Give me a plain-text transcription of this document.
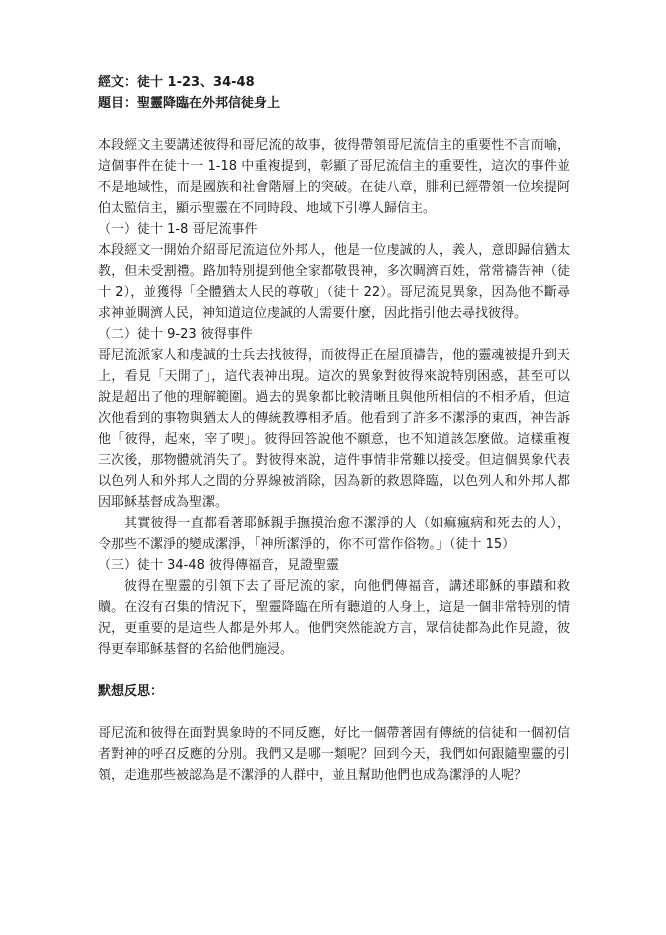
經文：徒十 1-23、34-48

題目：聖靈降臨在外邦信徒身上

本段經文主要講述彼得和哥尼流的故事，彼得帶領哥尼流信主的重要性不言而喻，這個事件在徒十一 1-18 中重複提到，彰顯了哥尼流信主的重要性，這次的事件並不是地域性，而是國族和社會階層上的突破。在徒八章，腓利已經帶領一位埃提阿伯太監信主，顯示聖靈在不同時段、地域下引導人歸信主。

（一）徒十 1-8 哥尼流事件

本段經文一開始介紹哥尼流這位外邦人，他是一位虔誠的人，義人，意即歸信猶太教，但未受割禮。路加特別提到他全家都敬畏神，多次賙濟百姓，常常禱告神（徒十 2），並獲得「全體猶太人民的尊敬」（徒十 22）。哥尼流見異象，因為他不斷尋求神並賙濟人民，神知道這位虔誠的人需要什麼，因此指引他去尋找彼得。

（二）徒十 9-23 彼得事件

哥尼流派家人和虔誠的士兵去找彼得，而彼得正在屋頂禱告，他的靈魂被提升到天上，看見「天開了」，這代表神出現。這次的異象對彼得來說特別困惑，甚至可以說是超出了他的理解範圍。過去的異象都比較清晰且與他所相信的不相矛盾，但這次他看到的事物與猶太人的傳統教導相矛盾。他看到了許多不潔淨的東西，神告訴他「彼得，起來，宰了喫」。彼得回答說他不願意，也不知道該怎麼做。這樣重複三次後，那物體就消失了。對彼得來說，這件事情非常難以接受。但這個異象代表以色列人和外邦人之間的分界線被消除，因為新的救恩降臨，以色列人和外邦人都因耶穌基督成為聖潔。

其實彼得一直都看著耶穌親手撫摸治愈不潔淨的人（如痲瘋病和死去的人），令那些不潔淨的變成潔淨，「神所潔淨的，你不可當作俗物。」（徒十 15）

（三）徒十 34-48 彼得傳福音，見證聖靈

彼得在聖靈的引領下去了哥尼流的家，向他們傳福音，講述耶穌的事蹟和救贖。在沒有召集的情況下，聖靈降臨在所有聽道的人身上，這是一個非常特別的情況，更重要的是這些人都是外邦人。他們突然能說方言，眾信徒都為此作見證，彼得更奉耶穌基督的名給他們施浸。

默想反思：

哥尼流和彼得在面對異象時的不同反應，好比一個帶著固有傳統的信徒和一個初信者對神的呼召反應的分別。我們又是哪一類呢？回到今天，我們如何跟隨聖靈的引領，走進那些被認為是不潔淨的人群中，並且幫助他們也成為潔淨的人呢？
